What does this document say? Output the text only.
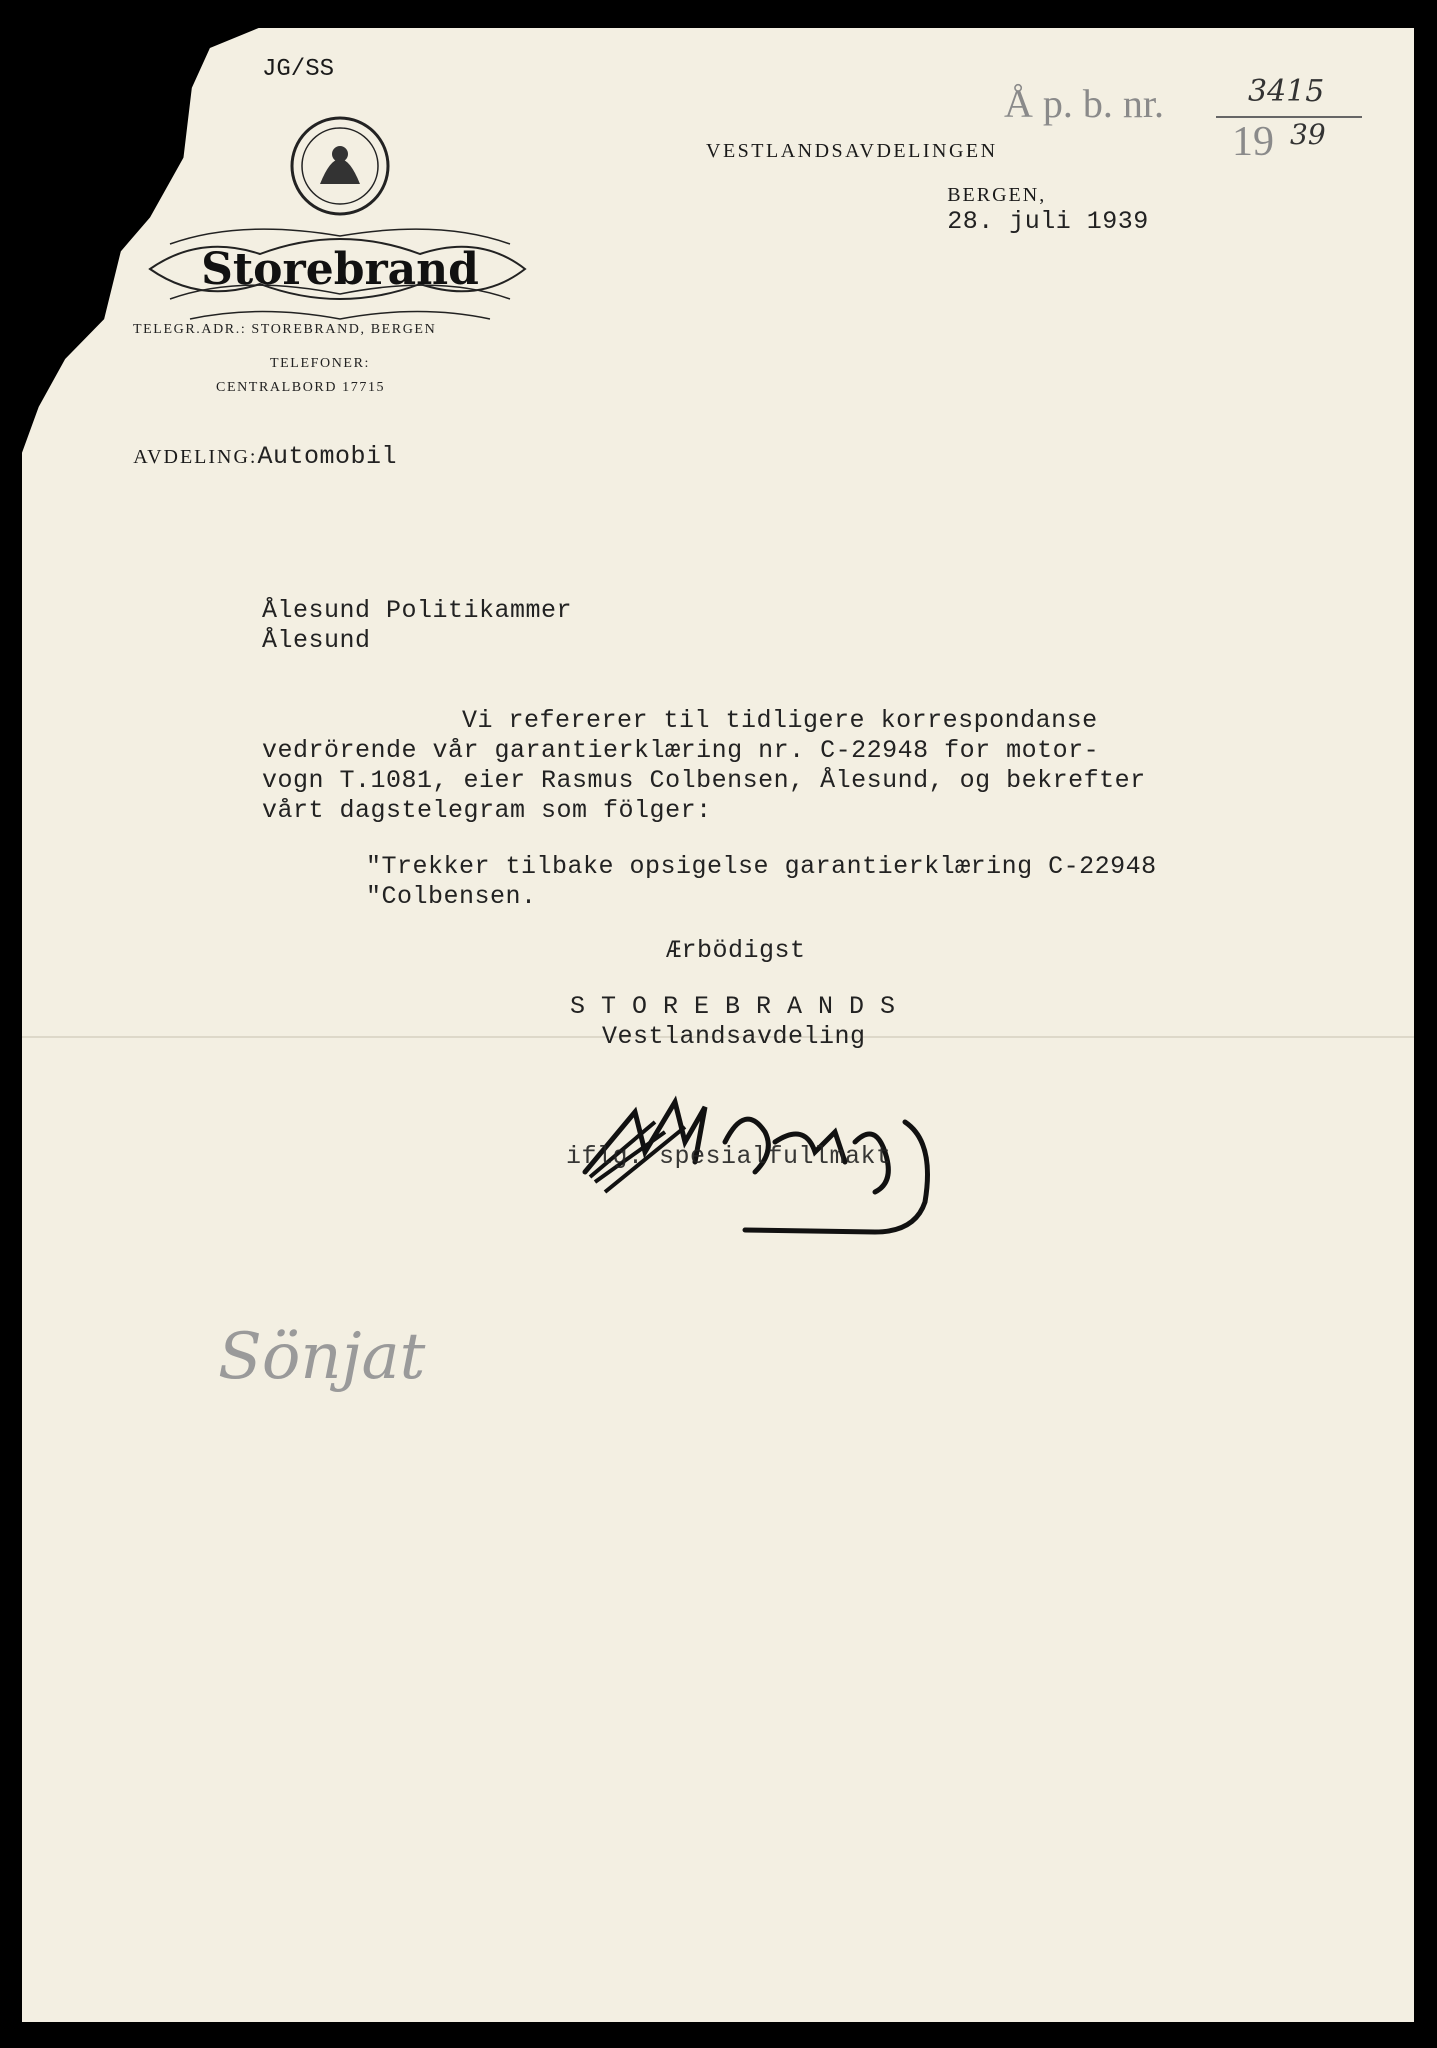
JG/SS

Storebrand

TELEGR.ADR.: STOREBRAND, BERGEN
TELEFONER:
CENTRALBORD 17715

AVDELING:Automobil

VESTLANDSAVDELINGEN

BERGEN,
28. juli 1939

Å p. b. nr.	3415
19 39
Ålesund Politikammer
Ålesund
Vi refererer til tidligere korrespondanse
vedrörende vår garantierklæring nr. C-22948 for motor-
vogn T.1081, eier Rasmus Colbensen, Ålesund, og bekrefter
vårt dagstelegram som fölger:
"Trekker tilbake opsigelse garantierklæring C-22948
"Colbensen.
Ærbödigst
S T O R E B R A N D S
Vestlandsavdeling

iflg. spesialfullmakt
Sönjat
